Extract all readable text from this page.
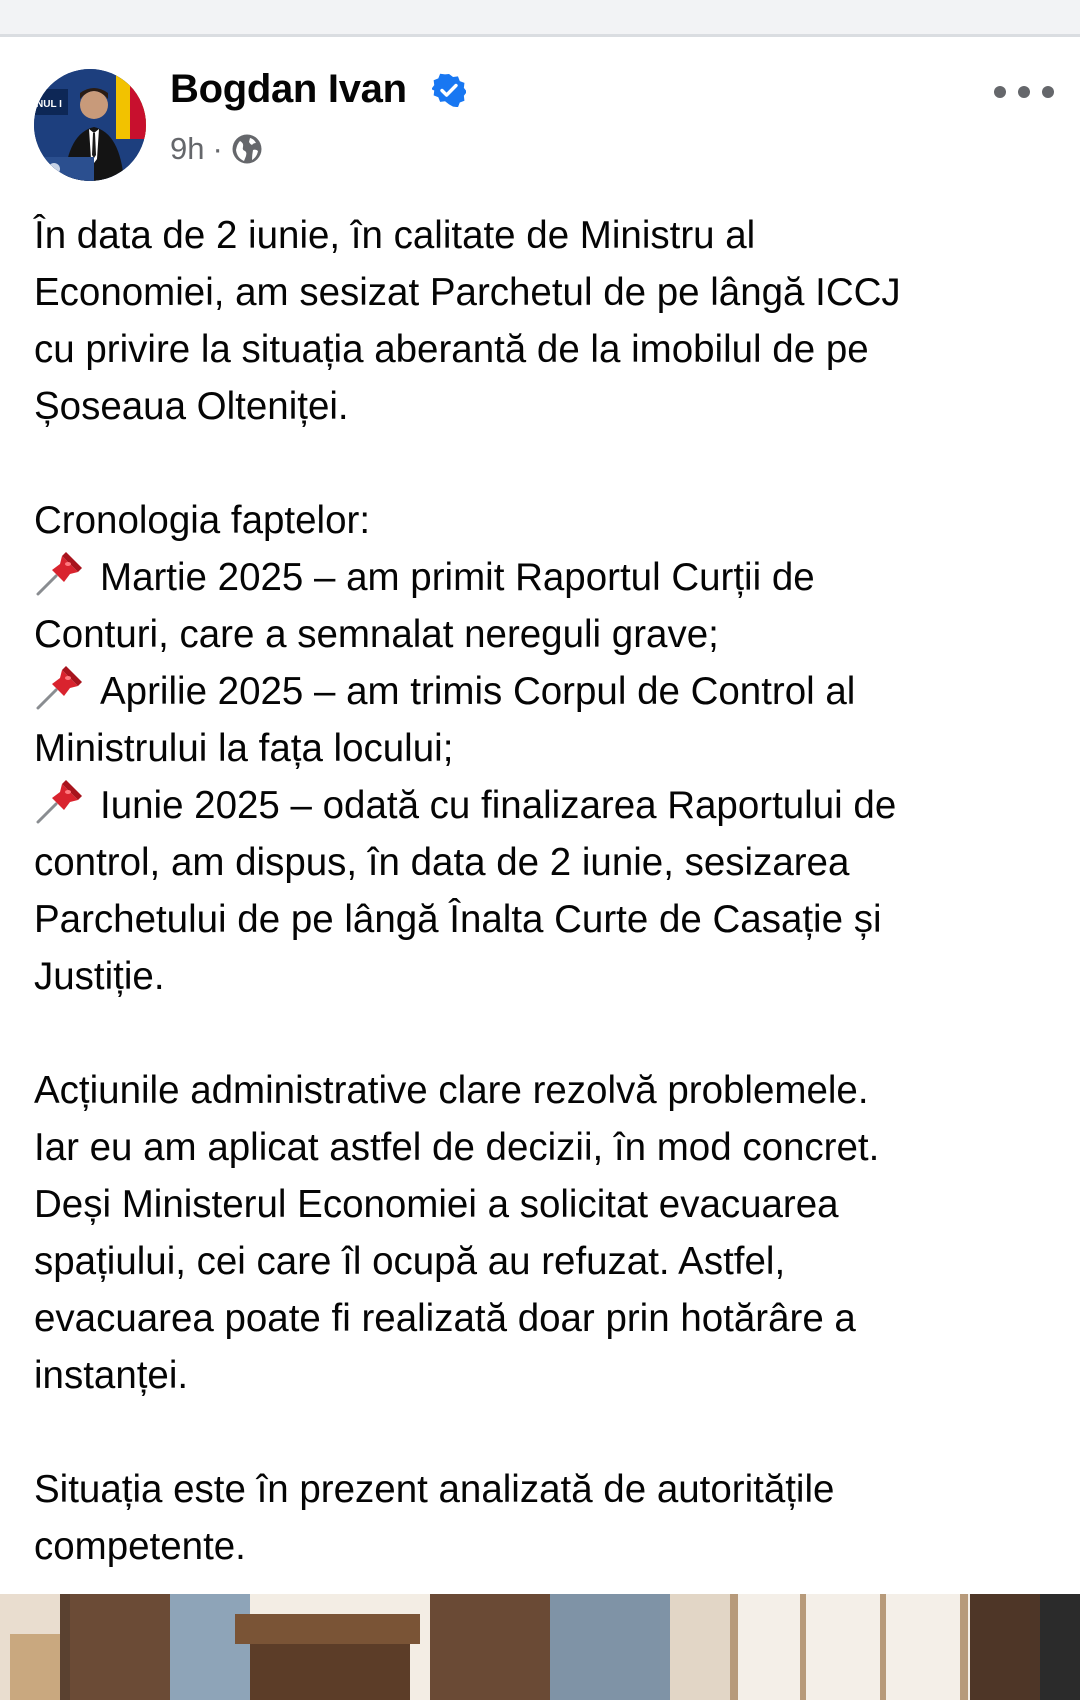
NUL I	Bogdan Ivan
9h ·

În data de 2 iunie, în calitate de Ministru al
Economiei, am sesizat Parchetul de pe lângă ICCJ
cu privire la situația aberantă de la imobilul de pe
Șoseaua Olteniței.

Cronologia faptelor:
Martie 2025 – am primit Raportul Curții de
Conturi, care a semnalat nereguli grave;
Aprilie 2025 – am trimis Corpul de Control al
Ministrului la fața locului;
Iunie 2025 – odată cu finalizarea Raportului de
control, am dispus, în data de 2 iunie, sesizarea
Parchetului de pe lângă Înalta Curte de Casație și
Justiție.

Acțiunile administrative clare rezolvă problemele.
Iar eu am aplicat astfel de decizii, în mod concret.
Deși Ministerul Economiei a solicitat evacuarea
spațiului, cei care îl ocupă au refuzat. Astfel,
evacuarea poate fi realizată doar prin hotărâre a
instanței.

Situația este în prezent analizată de autoritățile
competente.
